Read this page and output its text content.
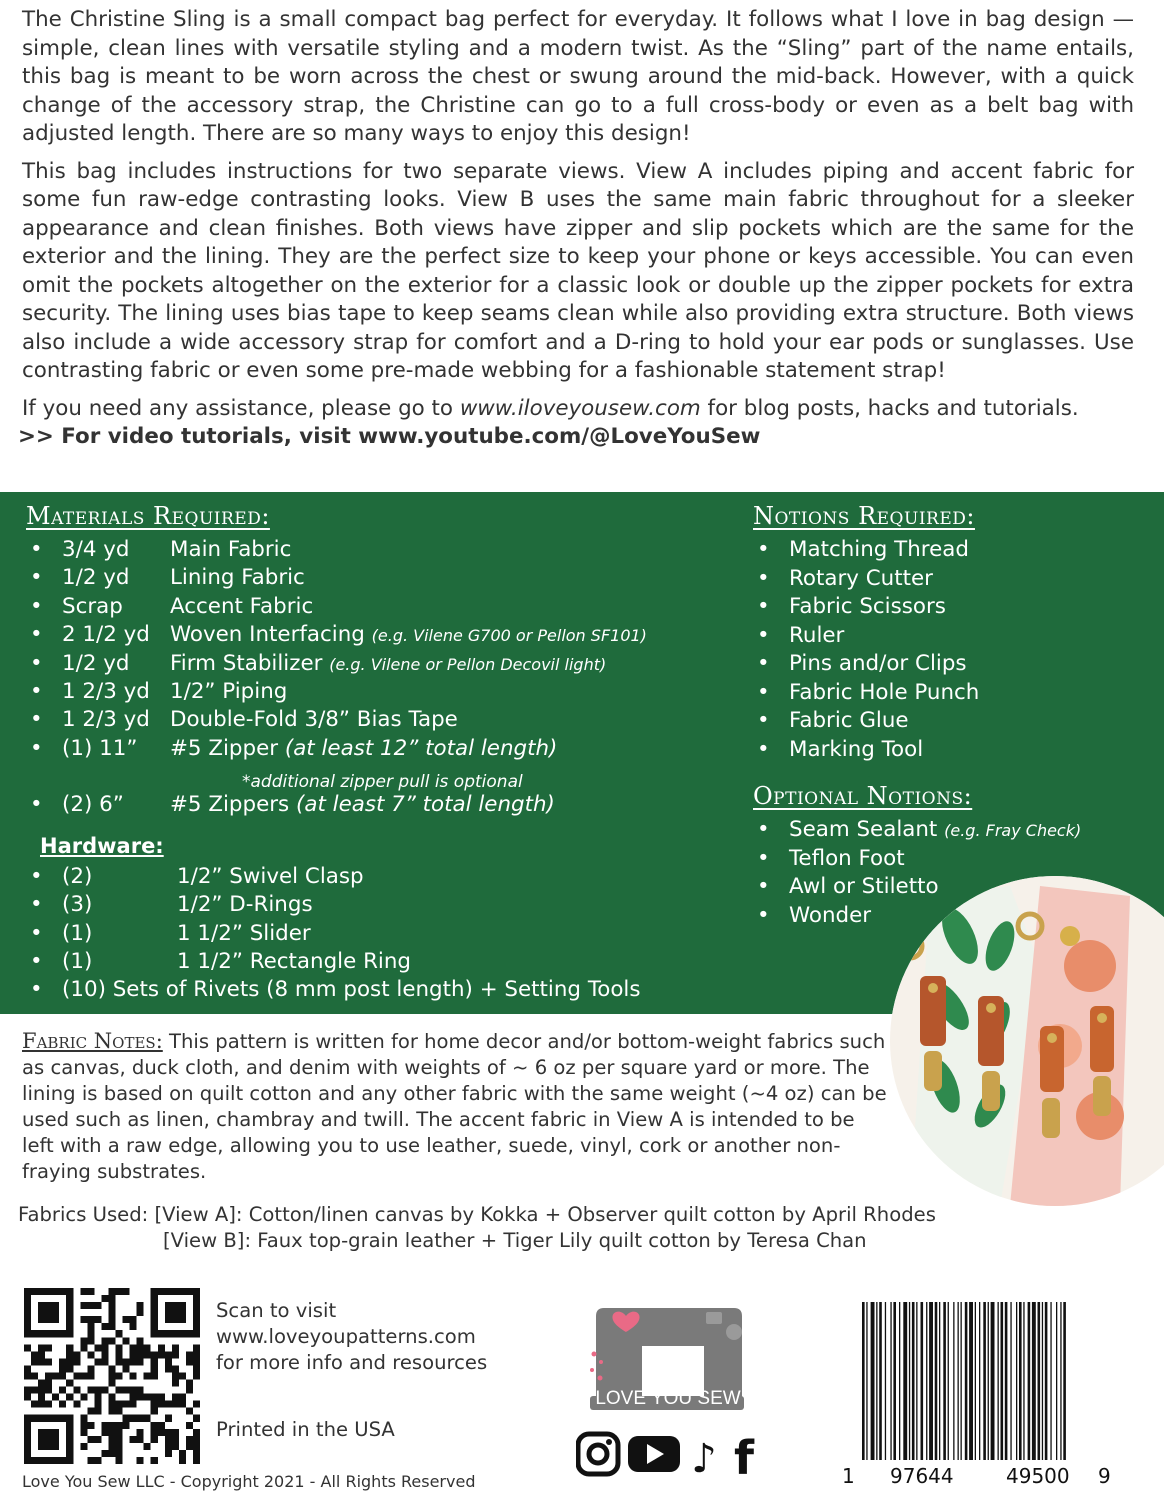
The Christine Sling is a small compact bag perfect for everyday. It follows what I love in bag design — simple, clean lines with versatile styling and a modern twist. As the “Sling” part of the name entails, this bag is meant to be worn across the chest or swung around the mid-back. However, with a quick change of the accessory strap, the Christine can go to a full cross-body or even as a belt bag with adjusted length. There are so many ways to enjoy this design!

This bag includes instructions for two separate views. View A includes piping and accent fabric for some fun raw-edge contrasting looks. View B uses the same main fabric throughout for a sleeker appearance and clean finishes. Both views have zipper and slip pockets which are the same for the exterior and the lining. They are the perfect size to keep your phone or keys accessible. You can even omit the pockets altogether on the exterior for a classic look or double up the zipper pockets for extra security. The lining uses bias tape to keep seams clean while also providing extra structure. Both views also include a wide accessory strap for comfort and a D-ring to hold your ear pods or sunglasses. Use contrasting fabric or even some pre-made webbing for a fashionable statement strap!

If you need any assistance, please go to www.iloveyousew.com for blog posts, hacks and tutorials.

>> For video tutorials, visit www.youtube.com/@LoveYouSew

Materials Required:
• 3/4 yd Main Fabric
• 1/2 yd Lining Fabric
• Scrap Accent Fabric
• 2 1/2 yd Woven Interfacing (e.g. Vilene G700 or Pellon SF101)
• 1/2 yd Firm Stabilizer (e.g. Vilene or Pellon Decovil light)
• 1 2/3 yd 1/2” Piping
• 1 2/3 yd Double-Fold 3/8” Bias Tape
• (1) 11” #5 Zipper (at least 12” total length)
• (2) 6” #5 Zippers (at least 7” total length)
*additional zipper pull is optional
Hardware:
• (2)	1/2” Swivel Clasp
• (3)	1/2” D-Rings
• (1)	1 1/2” Slider
• (1)	1 1/2” Rectangle Ring
• (10) Sets of Rivets (8 mm post length) + Setting Tools
Notions Required:
• Matching Thread
• Rotary Cutter
• Fabric Scissors
• Ruler
• Pins and/or Clips
• Fabric Hole Punch
• Fabric Glue
• Marking Tool
Optional Notions:
• Seam Sealant (e.g. Fray Check)
• Teflon Foot
• Awl or Stiletto
• Wonder
Fabric Notes: This pattern is written for home decor and/or bottom-weight fabrics such as canvas, duck cloth, and denim with weights of ~ 6 oz per square yard or more. The lining is based on quilt cotton and any other fabric with the same weight (~4 oz) can be used such as linen, chambray and twill. The accent fabric in View A is intended to be left with a raw edge, allowing you to use leather, suede, vinyl, cork or another non-fraying substrates.
Fabrics Used: [View A]: Cotton/linen canvas by Kokka + Observer quilt cotton by April Rhodes
[View B]: Faux top-grain leather + Tiger Lily quilt cotton by Teresa Chan
Scan to visit
www.loveyoupatterns.com
for more info and resources
Printed in the USA
Love You Sew LLC - Copyright 2021 - All Rights Reserved
LOVE YOU SEW
♪ f	1 97644	49500 9
